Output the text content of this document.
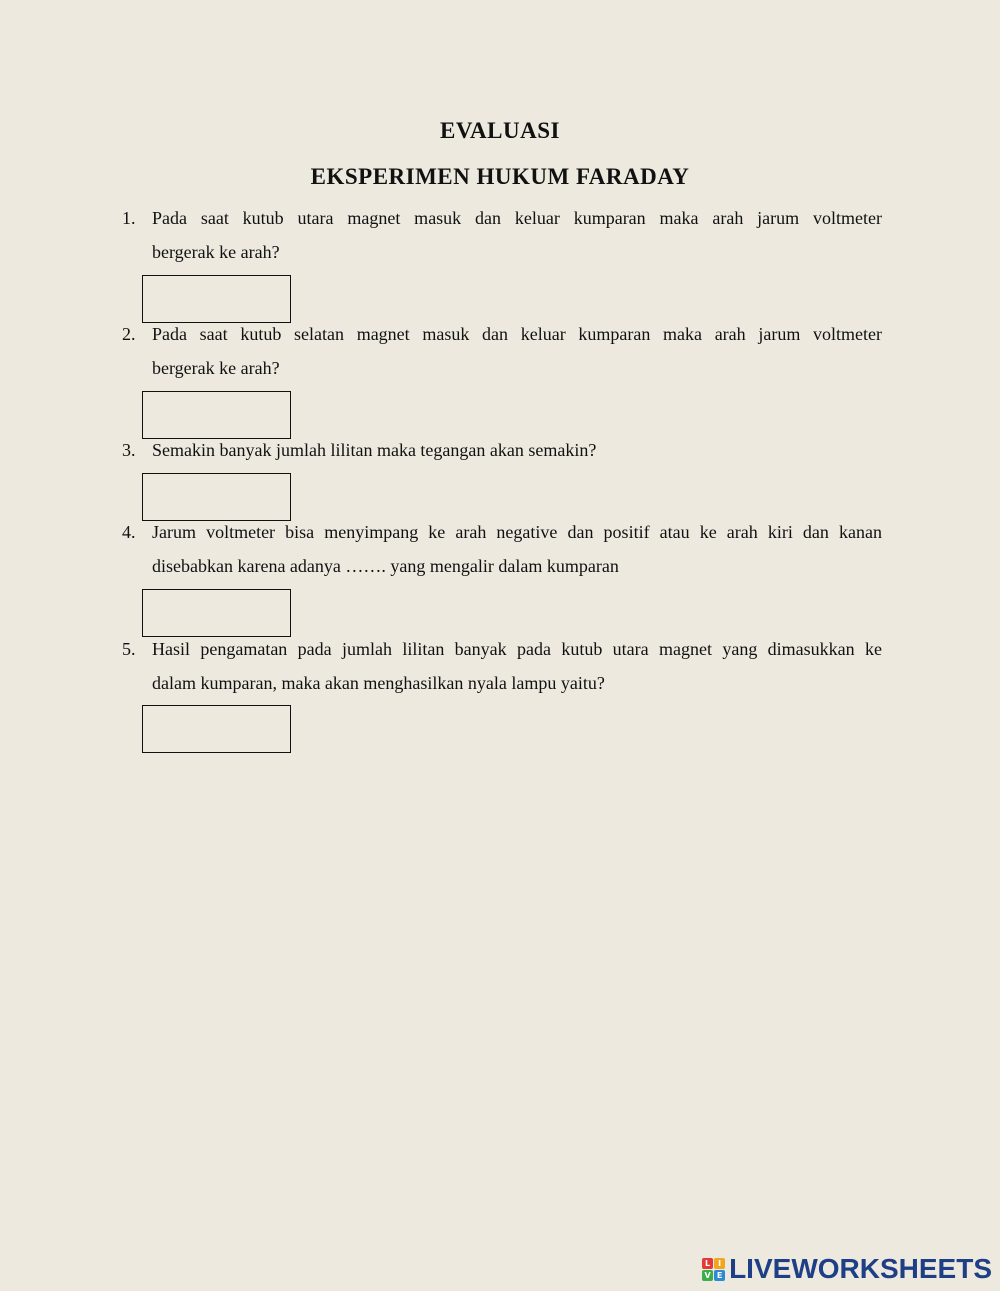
EVALUASI
EKSPERIMEN HUKUM FARADAY
1. Pada saat kutub utara magnet masuk dan keluar kumparan maka arah jarum voltmeter
bergerak ke arah?
2. Pada saat kutub selatan magnet masuk dan keluar kumparan maka arah jarum voltmeter
bergerak ke arah?
3. Semakin banyak jumlah lilitan maka tegangan akan semakin?
4. Jarum voltmeter bisa menyimpang ke arah negative dan positif atau ke arah kiri dan kanan
disebabkan karena adanya ……. yang mengalir dalam kumparan
5. Hasil pengamatan pada jumlah lilitan banyak pada kutub utara magnet yang dimasukkan ke
dalam kumparan, maka akan menghasilkan nyala lampu yaitu?
L I
V E LIVEWORKSHEETS
